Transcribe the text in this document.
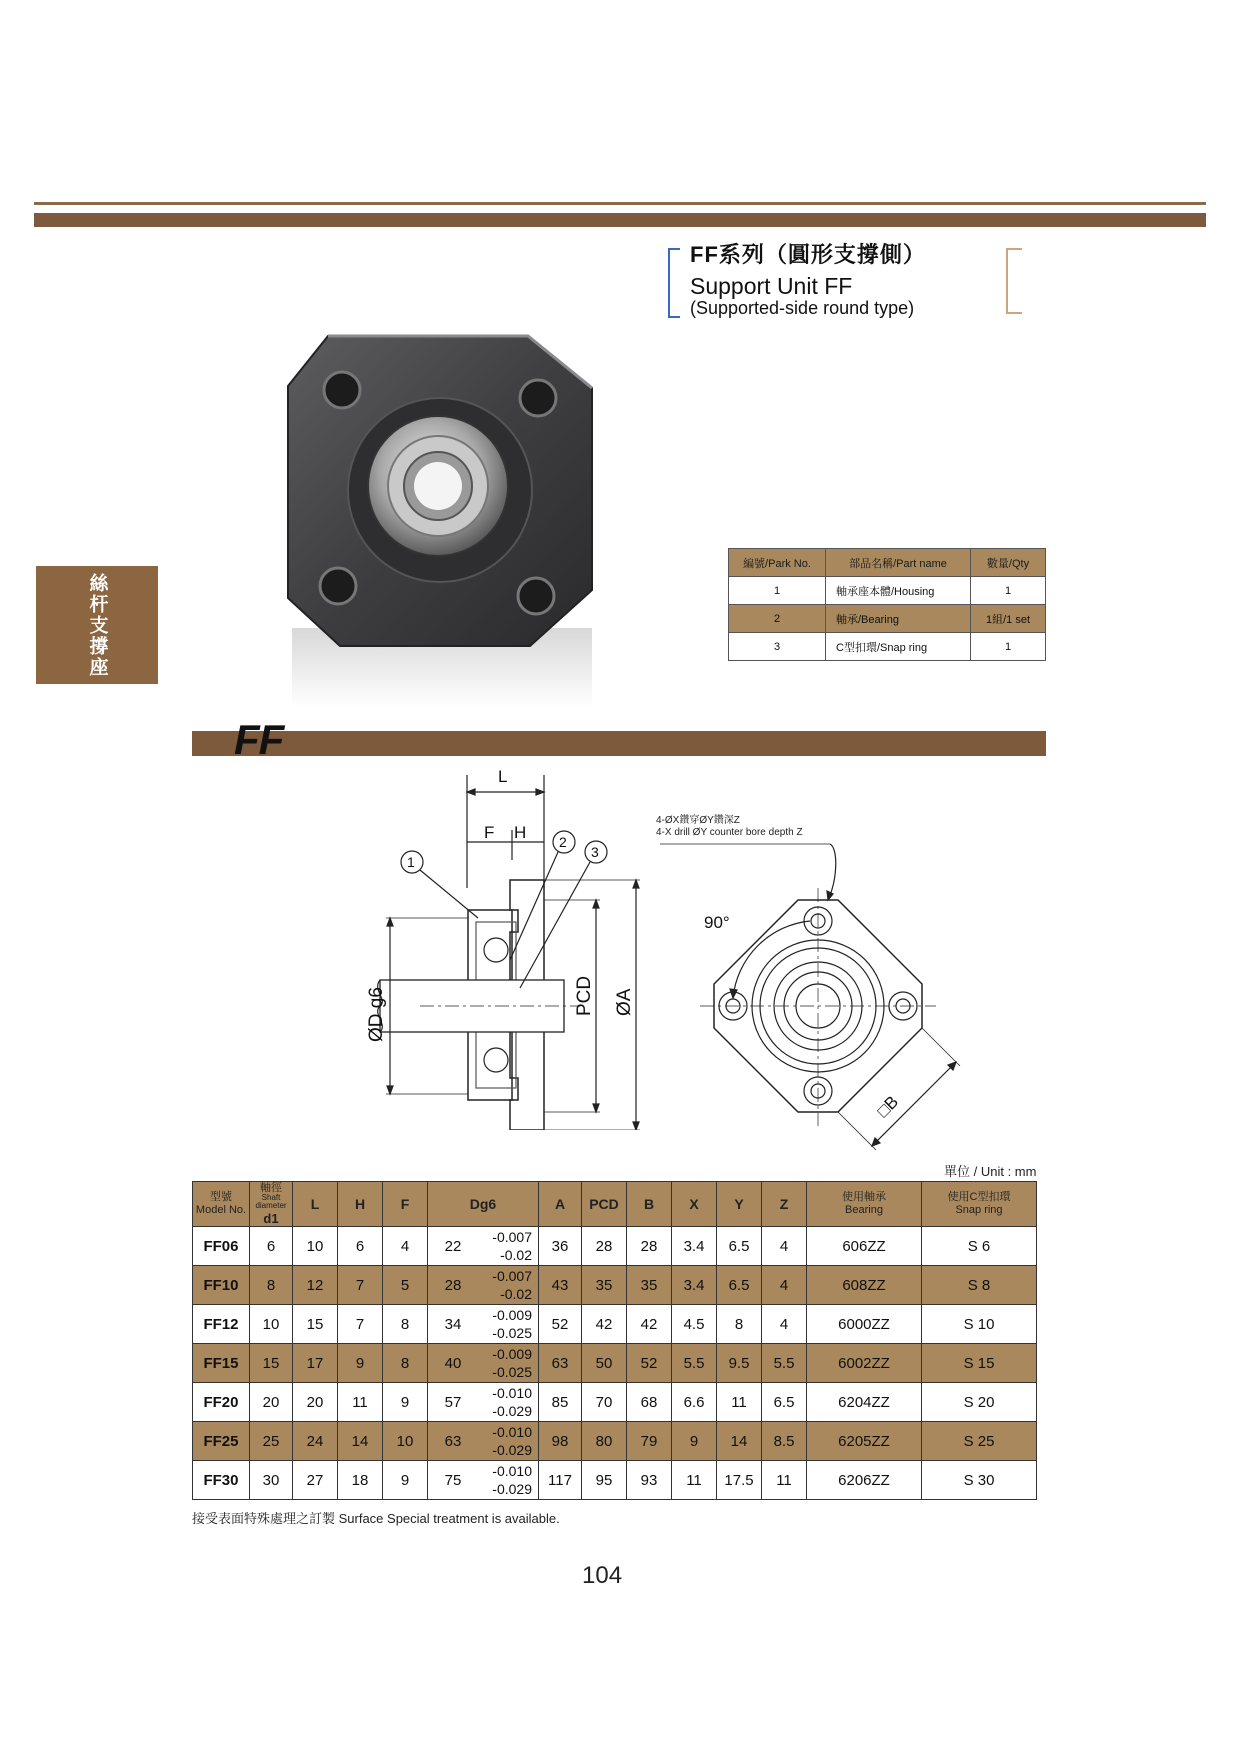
FF系列（圓形支撐側）
Support Unit FF
(Supported-side round type)
絲杆支撐座
編號/Park No.	部品名稱/Part name	數量/Qty
1	軸承座本體/Housing	1
2	軸承/Bearing	1組/1 set
3	C型扣環/Snap ring	1
FF
L
F H
1
2
3
ØD g6	PCD ØA
4-ØX鑽穿ØY鑽深Z
4-X drill ØY counter bore depth Z
90°
□B
單位 / Unit : mm
型號
Model No.	軸徑
Shaft diameter
d1	L	H	F	Dg6		A	PCD	B	X	Y	Z	使用軸承
Bearing	使用C型扣環
Snap ring
FF06	6	10	6	4	22	-0.007
-0.02	36	28	28	3.4	6.5	4	606ZZ	S 6
FF10	8	12	7	5	28	-0.007
-0.02	43	35	35	3.4	6.5	4	608ZZ	S 8
FF12	10	15	7	8	34	-0.009
-0.025	52	42	42	4.5	8	4	6000ZZ	S 10
FF15	15	17	9	8	40	-0.009
-0.025	63	50	52	5.5	9.5	5.5	6002ZZ	S 15
FF20	20	20	11	9	57	-0.010
-0.029	85	70	68	6.6	11	6.5	6204ZZ	S 20
FF25	25	24	14	10	63	-0.010
-0.029	98	80	79	9	14	8.5	6205ZZ	S 25
FF30	30	27	18	9	75	-0.010
-0.029	117	95	93	11	17.5	11	6206ZZ	S 30
接受表面特殊處理之訂製 Surface Special treatment is available.
104
